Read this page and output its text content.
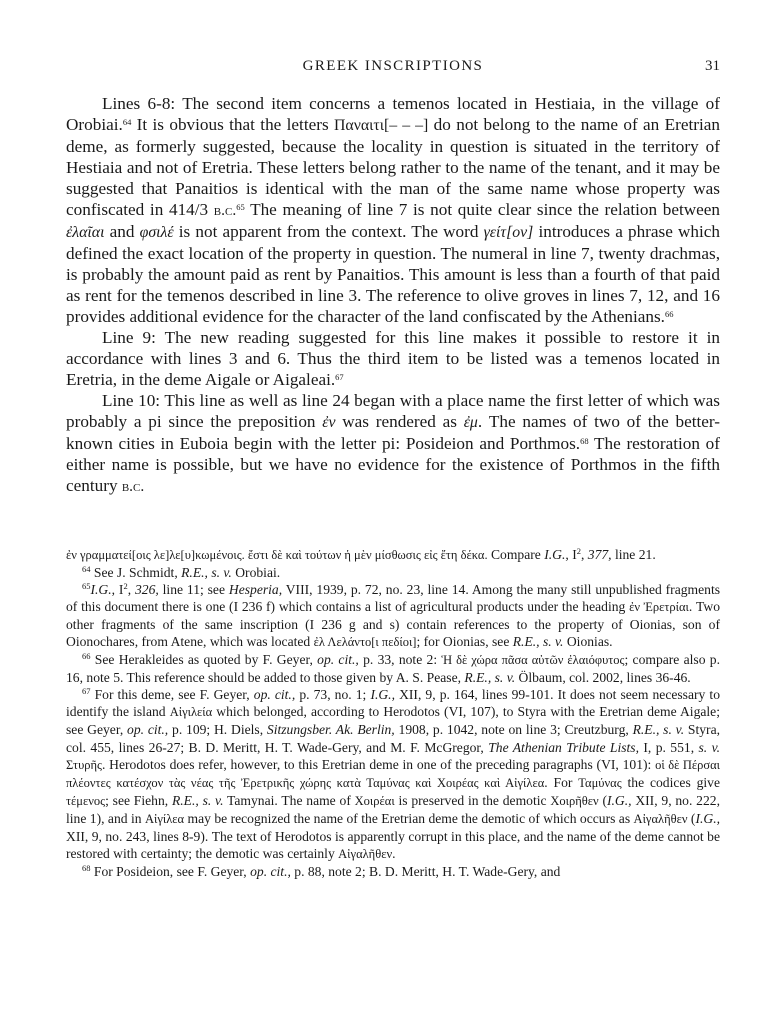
GREEK INSCRIPTIONS	31

Lines 6-8: The second item concerns a temenos located in Hestiaia, in the village of Orobiai.$^{64}$ It is obvious that the letters Παναιτι[– – –] do not belong to the name of an Eretrian deme, as formerly suggested, because the locality in question is situated in the territory of Hestiaia and not of Eretria. These letters belong rather to the name of the tenant, and it may be suggested that Panaitios is identical with the man of the same name whose property was confiscated in 414/3 b.c.$^{65}$ The meaning of line 7 is not quite clear since the relation between ἐλαῖαι and φσιλέ is not apparent from the context. The word γείτ[ον] introduces a phrase which defined the exact location of the property in question. The numeral in line 7, twenty drachmas, is probably the amount paid as rent by Panaitios. This amount is less than a fourth of that paid as rent for the temenos described in line 3. The reference to olive groves in lines 7, 12, and 16 provides additional evidence for the character of the land confiscated by the Athenians.$^{66}$

Line 9: The new reading suggested for this line makes it possible to restore it in accordance with lines 3 and 6. Thus the third item to be listed was a temenos located in Eretria, in the deme Aigale or Aigaleai.$^{67}$

Line 10: This line as well as line 24 began with a place name the first letter of which was probably a pi since the preposition ἐν was rendered as ἐμ. The names of two of the better-known cities in Euboia begin with the letter pi: Posideion and Porthmos.$^{68}$ The restoration of either name is possible, but we have no evidence for the existence of Porthmos in the fifth century b.c.

ἐν γραμματεί[οις λε]λε[υ]κωμένοις. ἔστι δὲ καὶ τούτων ἡ μὲν μίσθωσις εἰς ἔτη δέκα. Compare I.G., $I^2$, 377, line 21.

$^{64}$ See J. Schmidt, R.E., s. v. Orobiai.

$^{65}$I.G., $I^2$, 326, line 11; see Hesperia, VIII, 1939, p. 72, no. 23, line 14. Among the many still unpublished fragments of this document there is one (I 236 f) which contains a list of agricultural products under the heading ἐν Ἐρετρίαι. Two other fragments of the same inscription (I 236 g and s) contain references to the property of Oionias, son of Oionochares, from Atene, which was located ἐλ Λελάντο[ι πεδίοι]; for Oionias, see R.E., s. v. Oionias.

$^{66}$ See Herakleides as quoted by F. Geyer, op. cit., p. 33, note 2: Ἡ δὲ χώρα πᾶσα αὐτῶν ἐλαιόφυτος; compare also p. 16, note 5. This reference should be added to those given by A. S. Pease, R.E., s. v. Ölbaum, col. 2002, lines 36-46.

$^{67}$ For this deme, see F. Geyer, op. cit., p. 73, no. 1; I.G., XII, 9, p. 164, lines 99-101. It does not seem necessary to identify the island Αἰγιλεία which belonged, according to Herodotos (VI, 107), to Styra with the Eretrian deme Aigale; see Geyer, op. cit., p. 109; H. Diels, Sitzungsber. Ak. Berlin, 1908, p. 1042, note on line 3; Creutzburg, R.E., s. v. Styra, col. 455, lines 26-27; B. D. Meritt, H. T. Wade-Gery, and M. F. McGregor, The Athenian Tribute Lists, I, p. 551, s. v. Στυρῆς. Herodotos does refer, however, to this Eretrian deme in one of the preceding paragraphs (VI, 101): οἱ δὲ Πέρσαι πλέοντες κατέσχον τὰς νέας τῆς Ἐρετρικῆς χώρης κατὰ Ταμύνας καὶ Χοιρέας καὶ Αἰγίλεα. For Ταμύνας the codices give τέμενος; see Fiehn, R.E., s. v. Tamynai. The name of Χοιρέαι is preserved in the demotic Χοιρῆθεν (I.G., XII, 9, no. 222, line 1), and in Αἰγίλεα may be recognized the name of the Eretrian deme the demotic of which occurs as Αἰγαλῆθεν (I.G., XII, 9, no. 243, lines 8-9). The text of Herodotos is apparently corrupt in this place, and the name of the deme cannot be restored with certainty; the demotic was certainly Αἰγαλῆθεν.

$^{68}$ For Posideion, see F. Geyer, op. cit., p. 88, note 2; B. D. Meritt, H. T. Wade-Gery, and
